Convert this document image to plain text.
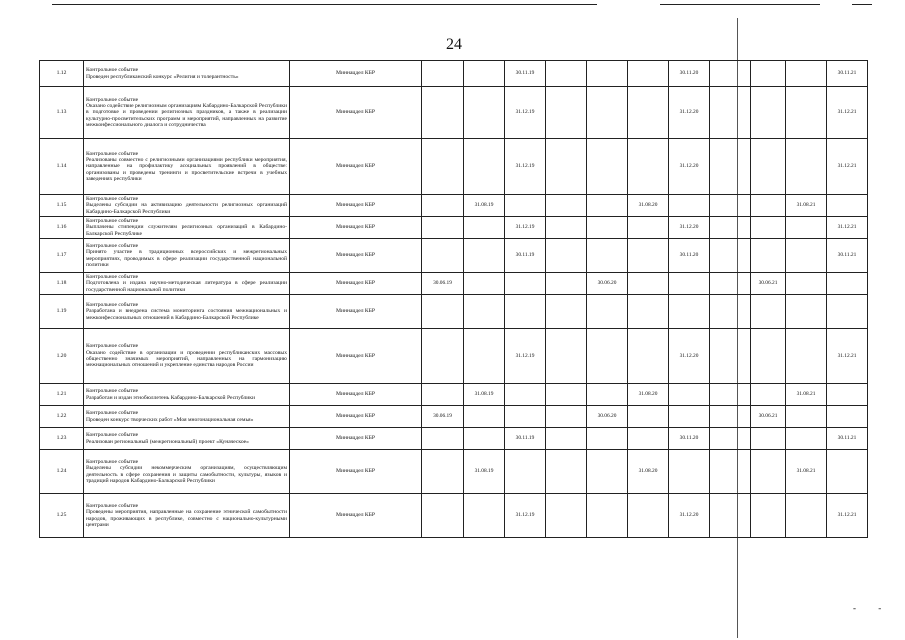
24
1.12	Контрольное событие
Проведен республиканский конкурс «Религия и толерантность»	Миннацдел КБР			30.11.19				30.11.20				30.11.21
1.13	Контрольное событие
Оказано содействие религиозным организациям Кабардино-Балкарской Республики в подготовке и проведении религиозных праздников, а также в реализации культурно-просветительских программ и мероприятий, направленных на развитие межконфессионального диалога и сотрудничества	Миннацдел КБР			31.12.19				31.12.20				31.12.21
1.14	Контрольное событие
Реализованы совместно с религиозными организациями республики мероприятия, направленные на профилактику асоциальных проявлений в обществе: организованы и проведены тренинги и просветительские встречи в учебных заведениях республики	Миннацдел КБР			31.12.19				31.12.20				31.12.21
1.15	Контрольное событие
Выделены субсидии на активизацию деятельности религиозных организаций Кабардино-Балкарской Республики	Миннацдел КБР		31.08.19				31.08.20				31.08.21	
1.16	Контрольное событие
Выплачены стипендии служителям религиозных организаций в Кабардино-Балкарской Республике	Миннацдел КБР			31.12.19				31.12.20				31.12.21
1.17	Контрольное событие
Принято участие в традиционных всероссийских и межрегиональных мероприятиях, проводимых в сфере реализации государственной национальной политики	Миннацдел КБР			30.11.19				30.11.20				30.11.21
1.18	Контрольное событие
Подготовлена и издана научно-методическая литература в сфере реализации государственной национальной политики	Миннацдел КБР	30.06.19				30.06.20				30.06.21		
1.19	Контрольное событие
Разработана и внедрена система мониторинга состояния межнациональных и межконфессиональных отношений в Кабардино-Балкарской Республике	Миннацдел КБР											
1.20	Контрольное событие
Оказано содействие в организации и проведении республиканских массовых общественно значимых мероприятий, направленных на гармонизацию межнациональных отношений и укрепление единства народов России	Миннацдел КБР			31.12.19				31.12.20				31.12.21
1.21	Контрольное событие
Разработан и издан этнобюллетень Кабардино-Балкарской Республики	Миннацдел КБР		31.08.19				31.08.20				31.08.21	
1.22	Контрольное событие
Проведен конкурс творческих работ «Моя многонациональная семья»	Миннацдел КБР	30.06.19				30.06.20				30.06.21		
1.23	Контрольное событие
Реализован региональный (межрегиональный) проект «Куначеское»	Миннацдел КБР			30.11.19				30.11.20				30.11.21
1.24	Контрольное событие
Выделены субсидии некоммерческим организациям, осуществляющим деятельность в сфере сохранения и защиты самобытности, культуры, языков и традиций народов Кабардино-Балкарской Республики	Миннацдел КБР		31.08.19				31.08.20				31.08.21	
1.25	Контрольное событие
Проведены мероприятия, направленные на сохранение этнической самобытности народов, проживающих в республике, совместно с национально-культурными центрами	Миннацдел КБР			31.12.19				31.12.20				31.12.21
- -
